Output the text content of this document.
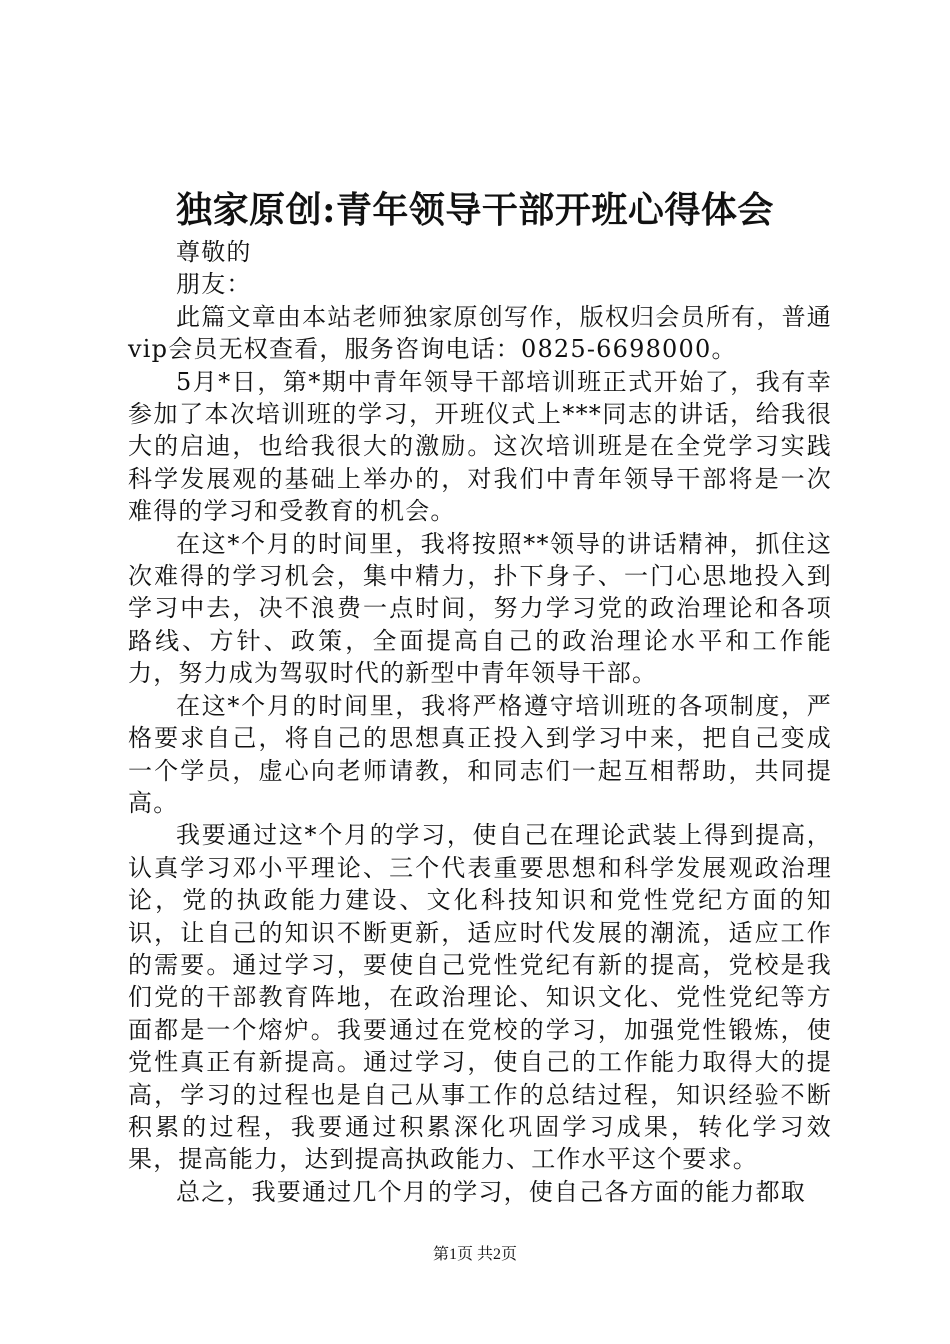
独家原创:青年领导干部开班心得体会

尊敬的

朋友：

此篇文章由本站老师独家原创写作，版权归会员所有，普通vip会员无权查看，服务咨询电话：0825-6698000。

5月*日，第*期中青年领导干部培训班正式开始了，我有幸参加了本次培训班的学习，开班仪式上***同志的讲话，给我很大的启迪，也给我很大的激励。这次培训班是在全党学习实践科学发展观的基础上举办的，对我们中青年领导干部将是一次难得的学习和受教育的机会。

在这*个月的时间里，我将按照**领导的讲话精神，抓住这次难得的学习机会，集中精力，扑下身子、一门心思地投入到学习中去，决不浪费一点时间，努力学习党的政治理论和各项路线、方针、政策，全面提高自己的政治理论水平和工作能力，努力成为驾驭时代的新型中青年领导干部。

在这*个月的时间里，我将严格遵守培训班的各项制度，严格要求自己，将自己的思想真正投入到学习中来，把自己变成一个学员，虚心向老师请教，和同志们一起互相帮助，共同提高。

我要通过这*个月的学习，使自己在理论武装上得到提高，认真学习邓小平理论、三个代表重要思想和科学发展观政治理论，党的执政能力建设、文化科技知识和党性党纪方面的知识，让自己的知识不断更新，适应时代发展的潮流，适应工作的需要。通过学习，要使自己党性党纪有新的提高，党校是我们党的干部教育阵地，在政治理论、知识文化、党性党纪等方面都是一个熔炉。我要通过在党校的学习，加强党性锻炼，使党性真正有新提高。通过学习，使自己的工作能力取得大的提高，学习的过程也是自己从事工作的总结过程，知识经验不断积累的过程，我要通过积累深化巩固学习成果，转化学习效果，提高能力，达到提高执政能力、工作水平这个要求。

总之，我要通过几个月的学习，使自己各方面的能力都取

第1页 共2页
